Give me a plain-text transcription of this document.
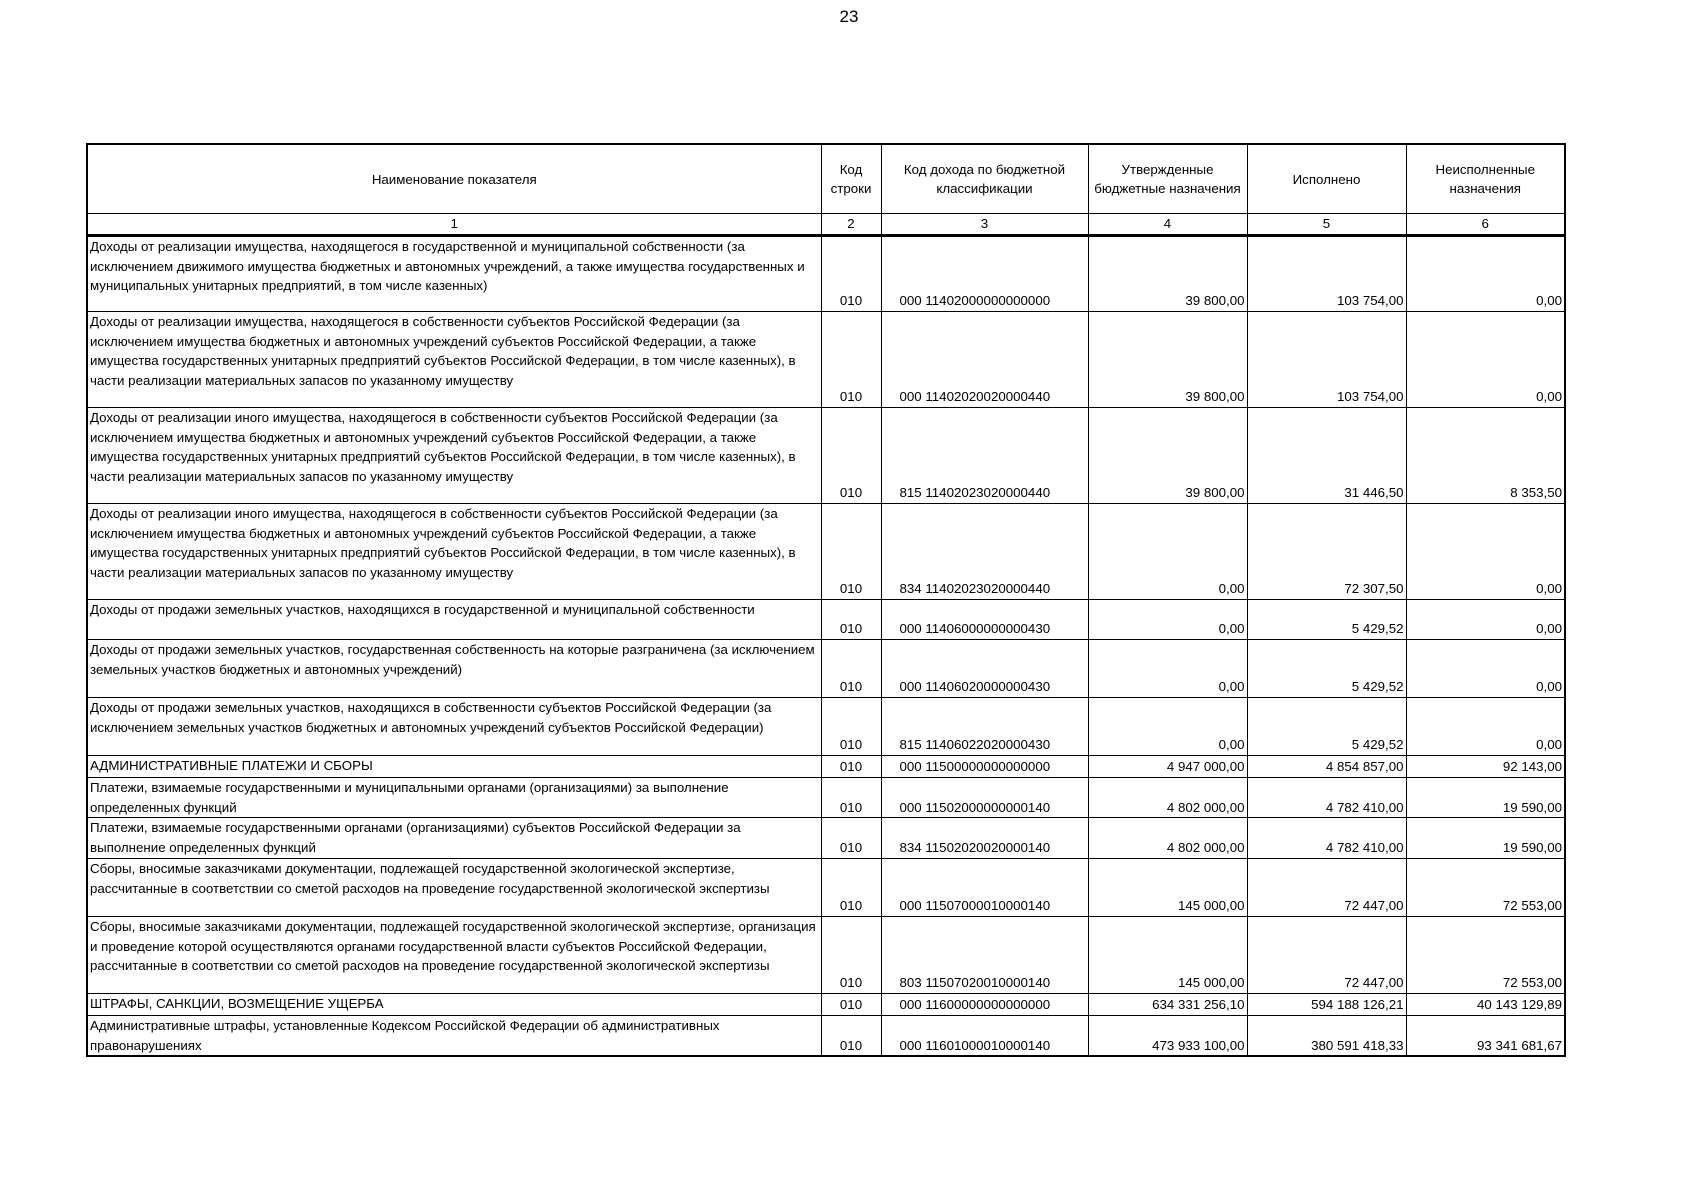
23
Наименование показателя	Код строки	Код дохода по бюджетной классификации	Утвержденные бюджетные назначения	Исполнено	Неисполненные назначения
1	2	3	4	5	6
Доходы от реализации имущества, находящегося в государственной и муниципальной собственности (за исключением движимого имущества бюджетных и автономных учреждений, а также имущества государственных и муниципальных унитарных предприятий, в том числе казенных)	010	000 11402000000000000	39 800,00	103 754,00	0,00
Доходы от реализации имущества, находящегося в собственности субъектов Российской Федерации (за исключением имущества бюджетных и автономных учреждений субъектов Российской Федерации, а также имущества государственных унитарных предприятий субъектов Российской Федерации, в том числе казенных), в части реализации материальных запасов по указанному имуществу	010	000 11402020020000440	39 800,00	103 754,00	0,00
Доходы от реализации иного имущества, находящегося в собственности субъектов Российской Федерации (за исключением имущества бюджетных и автономных учреждений субъектов Российской Федерации, а также имущества государственных унитарных предприятий субъектов Российской Федерации, в том числе казенных), в части реализации материальных запасов по указанному имуществу	010	815 11402023020000440	39 800,00	31 446,50	8 353,50
Доходы от реализации иного имущества, находящегося в собственности субъектов Российской Федерации (за исключением имущества бюджетных и автономных учреждений субъектов Российской Федерации, а также имущества государственных унитарных предприятий субъектов Российской Федерации, в том числе казенных), в части реализации материальных запасов по указанному имуществу	010	834 11402023020000440	0,00	72 307,50	0,00
Доходы от продажи земельных участков, находящихся в государственной и муниципальной собственности	010	000 11406000000000430	0,00	5 429,52	0,00
Доходы от продажи земельных участков, государственная собственность на которые разграничена (за исключением земельных участков бюджетных и автономных учреждений)	010	000 11406020000000430	0,00	5 429,52	0,00
Доходы от продажи земельных участков, находящихся в собственности субъектов Российской Федерации (за исключением земельных участков бюджетных и автономных учреждений субъектов Российской Федерации)	010	815 11406022020000430	0,00	5 429,52	0,00
АДМИНИСТРАТИВНЫЕ ПЛАТЕЖИ И СБОРЫ	010	000 11500000000000000	4 947 000,00	4 854 857,00	92 143,00
Платежи, взимаемые государственными и муниципальными органами (организациями) за выполнение определенных функций	010	000 11502000000000140	4 802 000,00	4 782 410,00	19 590,00
Платежи, взимаемые государственными органами (организациями) субъектов Российской Федерации за выполнение определенных функций	010	834 11502020020000140	4 802 000,00	4 782 410,00	19 590,00
Сборы, вносимые заказчиками документации, подлежащей государственной экологической экспертизе, рассчитанные в соответствии со сметой расходов на проведение государственной экологической экспертизы	010	000 11507000010000140	145 000,00	72 447,00	72 553,00
Сборы, вносимые заказчиками документации, подлежащей государственной экологической экспертизе, организация и проведение которой осуществляются органами государственной власти субъектов Российской Федерации, рассчитанные в соответствии со сметой расходов на проведение государственной экологической экспертизы	010	803 11507020010000140	145 000,00	72 447,00	72 553,00
ШТРАФЫ, САНКЦИИ, ВОЗМЕЩЕНИЕ УЩЕРБА	010	000 11600000000000000	634 331 256,10	594 188 126,21	40 143 129,89
Административные штрафы, установленные Кодексом Российской Федерации об административных правонарушениях	010	000 11601000010000140	473 933 100,00	380 591 418,33	93 341 681,67
